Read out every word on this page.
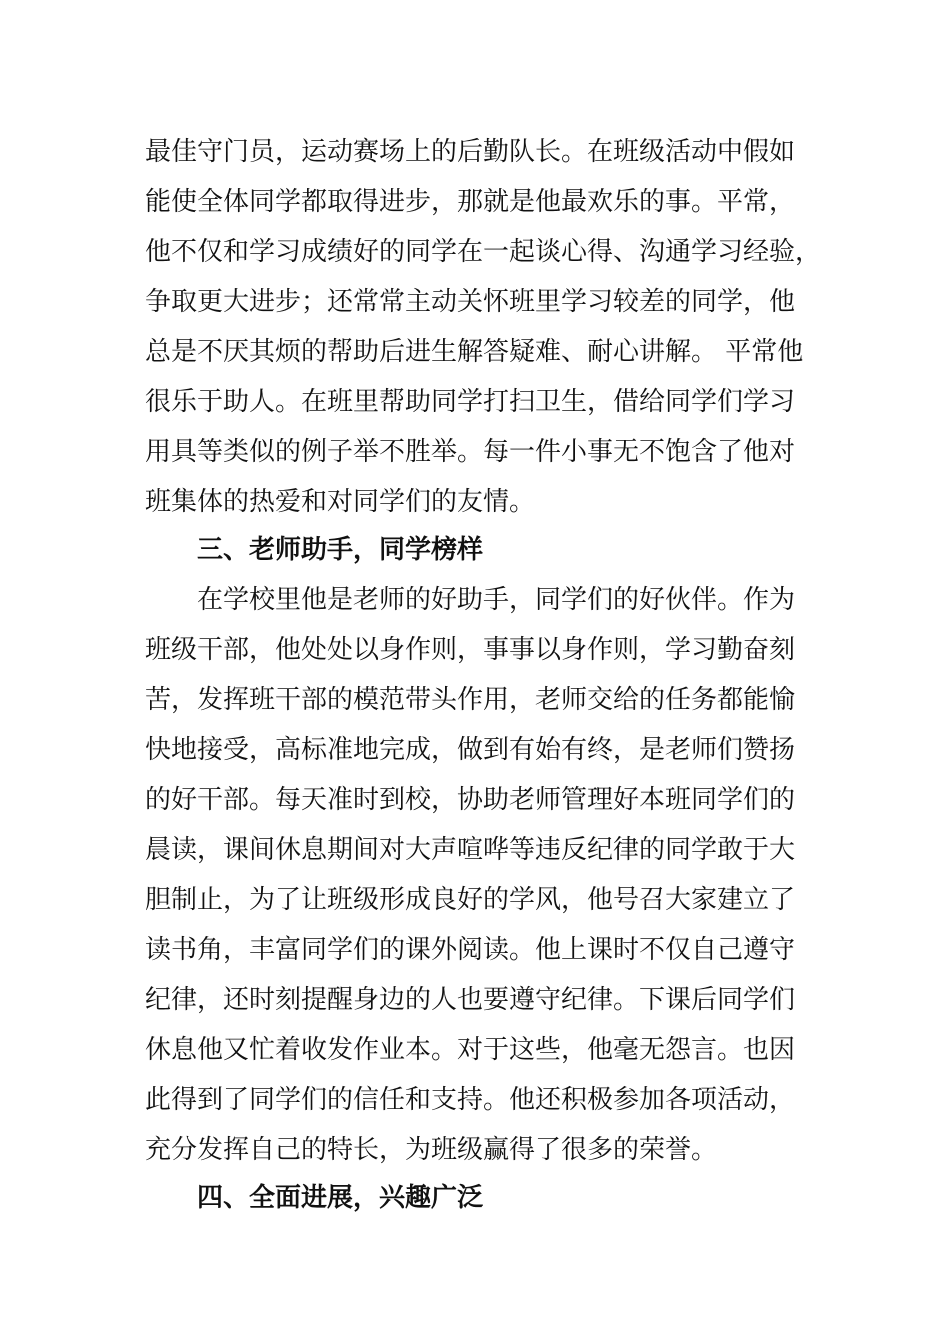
最佳守门员，运动赛场上的后勤队长。在班级活动中假如
能使全体同学都取得进步，那就是他最欢乐的事。平常，
他不仅和学习成绩好的同学在一起谈心得、沟通学习经验，
争取更大进步；还常常主动关怀班里学习较差的同学，他
总是不厌其烦的帮助后进生解答疑难、耐心讲解。 平常他
很乐于助人。在班里帮助同学打扫卫生，借给同学们学习
用具等类似的例子举不胜举。每一件小事无不饱含了他对
班集体的热爱和对同学们的友情。
三、老师助手，同学榜样
在学校里他是老师的好助手，同学们的好伙伴。作为
班级干部，他处处以身作则，事事以身作则，学习勤奋刻
苦，发挥班干部的模范带头作用，老师交给的任务都能愉
快地接受，高标准地完成，做到有始有终，是老师们赞扬
的好干部。每天准时到校，协助老师管理好本班同学们的
晨读，课间休息期间对大声喧哗等违反纪律的同学敢于大
胆制止，为了让班级形成良好的学风，他号召大家建立了
读书角，丰富同学们的课外阅读。他上课时不仅自己遵守
纪律，还时刻提醒身边的人也要遵守纪律。下课后同学们
休息他又忙着收发作业本。对于这些，他毫无怨言。也因
此得到了同学们的信任和支持。他还积极参加各项活动，
充分发挥自己的特长，为班级赢得了很多的荣誉。
四、全面进展，兴趣广泛
